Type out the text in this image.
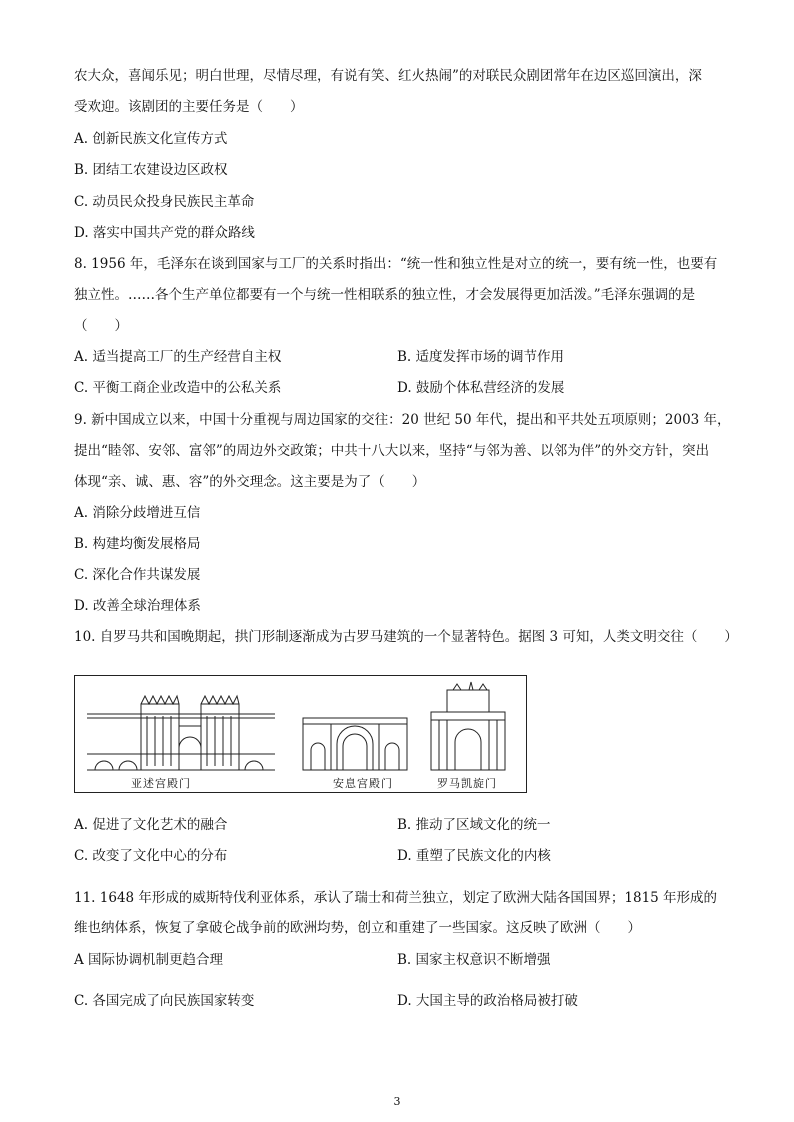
农大众，喜闻乐见；明白世理，尽情尽理，有说有笑、红火热闹”的对联民众剧团常年在边区巡回演出，深
受欢迎。该剧团的主要任务是（　　）
A. 创新民族文化宣传方式
B. 团结工农建设边区政权
C. 动员民众投身民族民主革命
D. 落实中国共产党的群众路线
8. 1956 年，毛泽东在谈到国家与工厂的关系时指出：“统一性和独立性是对立的统一，要有统一性，也要有
独立性。……各个生产单位都要有一个与统一性相联系的独立性，才会发展得更加活泼。”毛泽东强调的是
（　　）
A. 适当提高工厂的生产经营自主权	B. 适度发挥市场的调节作用
C. 平衡工商企业改造中的公私关系	D. 鼓励个体私营经济的发展
9. 新中国成立以来，中国十分重视与周边国家的交往：20 世纪 50 年代，提出和平共处五项原则；2003 年，
提出“睦邻、安邻、富邻”的周边外交政策；中共十八大以来，坚持“与邻为善、以邻为伴”的外交方针，突出
体现“亲、诚、惠、容”的外交理念。这主要是为了（　　）
A. 消除分歧增进互信
B. 构建均衡发展格局
C. 深化合作共谋发展
D. 改善全球治理体系
10. 自罗马共和国晚期起，拱门形制逐渐成为古罗马建筑的一个显著特色。据图 3 可知，人类文明交往（　　）
亚述宫殿门	安息宫殿门	罗马凯旋门
A. 促进了文化艺术的融合	B. 推动了区域文化的统一
C. 改变了文化中心的分布	D. 重塑了民族文化的内核
11. 1648 年形成的威斯特伐利亚体系，承认了瑞士和荷兰独立，划定了欧洲大陆各国国界；1815 年形成的
维也纳体系，恢复了拿破仑战争前的欧洲均势，创立和重建了一些国家。这反映了欧洲（　　）
A 国际协调机制更趋合理	B. 国家主权意识不断增强
C. 各国完成了向民族国家转变	D. 大国主导的政治格局被打破
3
